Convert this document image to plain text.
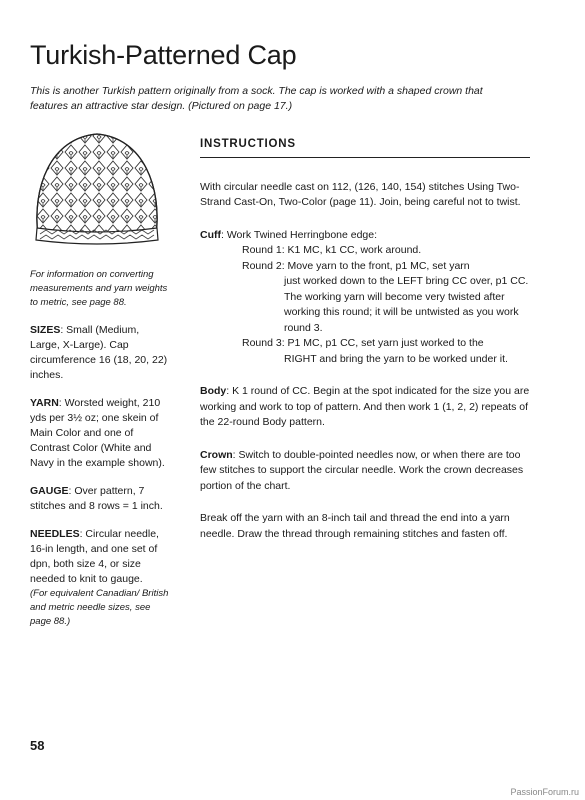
Turkish-Patterned Cap

This is another Turkish pattern originally from a sock. The cap is worked with a shaped crown that features an attractive star design. (Pictured on page 17.)

For information on converting measurements and yarn weights to metric, see page 88.

SIZES: Small (Medium, Large, X-Large). Cap circumference 16 (18, 20, 22) inches.

YARN: Worsted weight, 210 yds per 3½ oz; one skein of Main Color and one of Contrast Color (White and Navy in the example shown).

GAUGE: Over pattern, 7 stitches and 8 rows = 1 inch.

NEEDLES: Circular needle, 16-in length, and one set of dpn, both size 4, or size needed to knit to gauge.
(For equivalent Canadian/ British and metric needle sizes, see page 88.)

INSTRUCTIONS

With circular needle cast on 112, (126, 140, 154) stitches Using Two-Strand Cast-On, Two-Color (page 11). Join, being careful not to twist.

Cuff: Work Twined Herringbone edge:

Round 1: K1 MC, k1 CC, work around.

Round 2: Move yarn to the front, p1 MC, set yarn
just worked down to the LEFT bring CC over, p1 CC. The working yarn will become very twisted after working this round; it will be untwisted as you work round 3.

Round 3: P1 MC, p1 CC, set yarn just worked to the
RIGHT and bring the yarn to be worked under it.

Body: K 1 round of CC. Begin at the spot indicated for the size you are working and work to top of pattern. And then work 1 (1, 2, 2) repeats of the 22-round Body pattern.

Crown: Switch to double-pointed needles now, or when there are too few stitches to support the circular needle. Work the crown decreases portion of the chart.

Break off the yarn with an 8-inch tail and thread the end into a yarn needle. Draw the thread through remaining stitches and fasten off.

58
PassionForum.ru
